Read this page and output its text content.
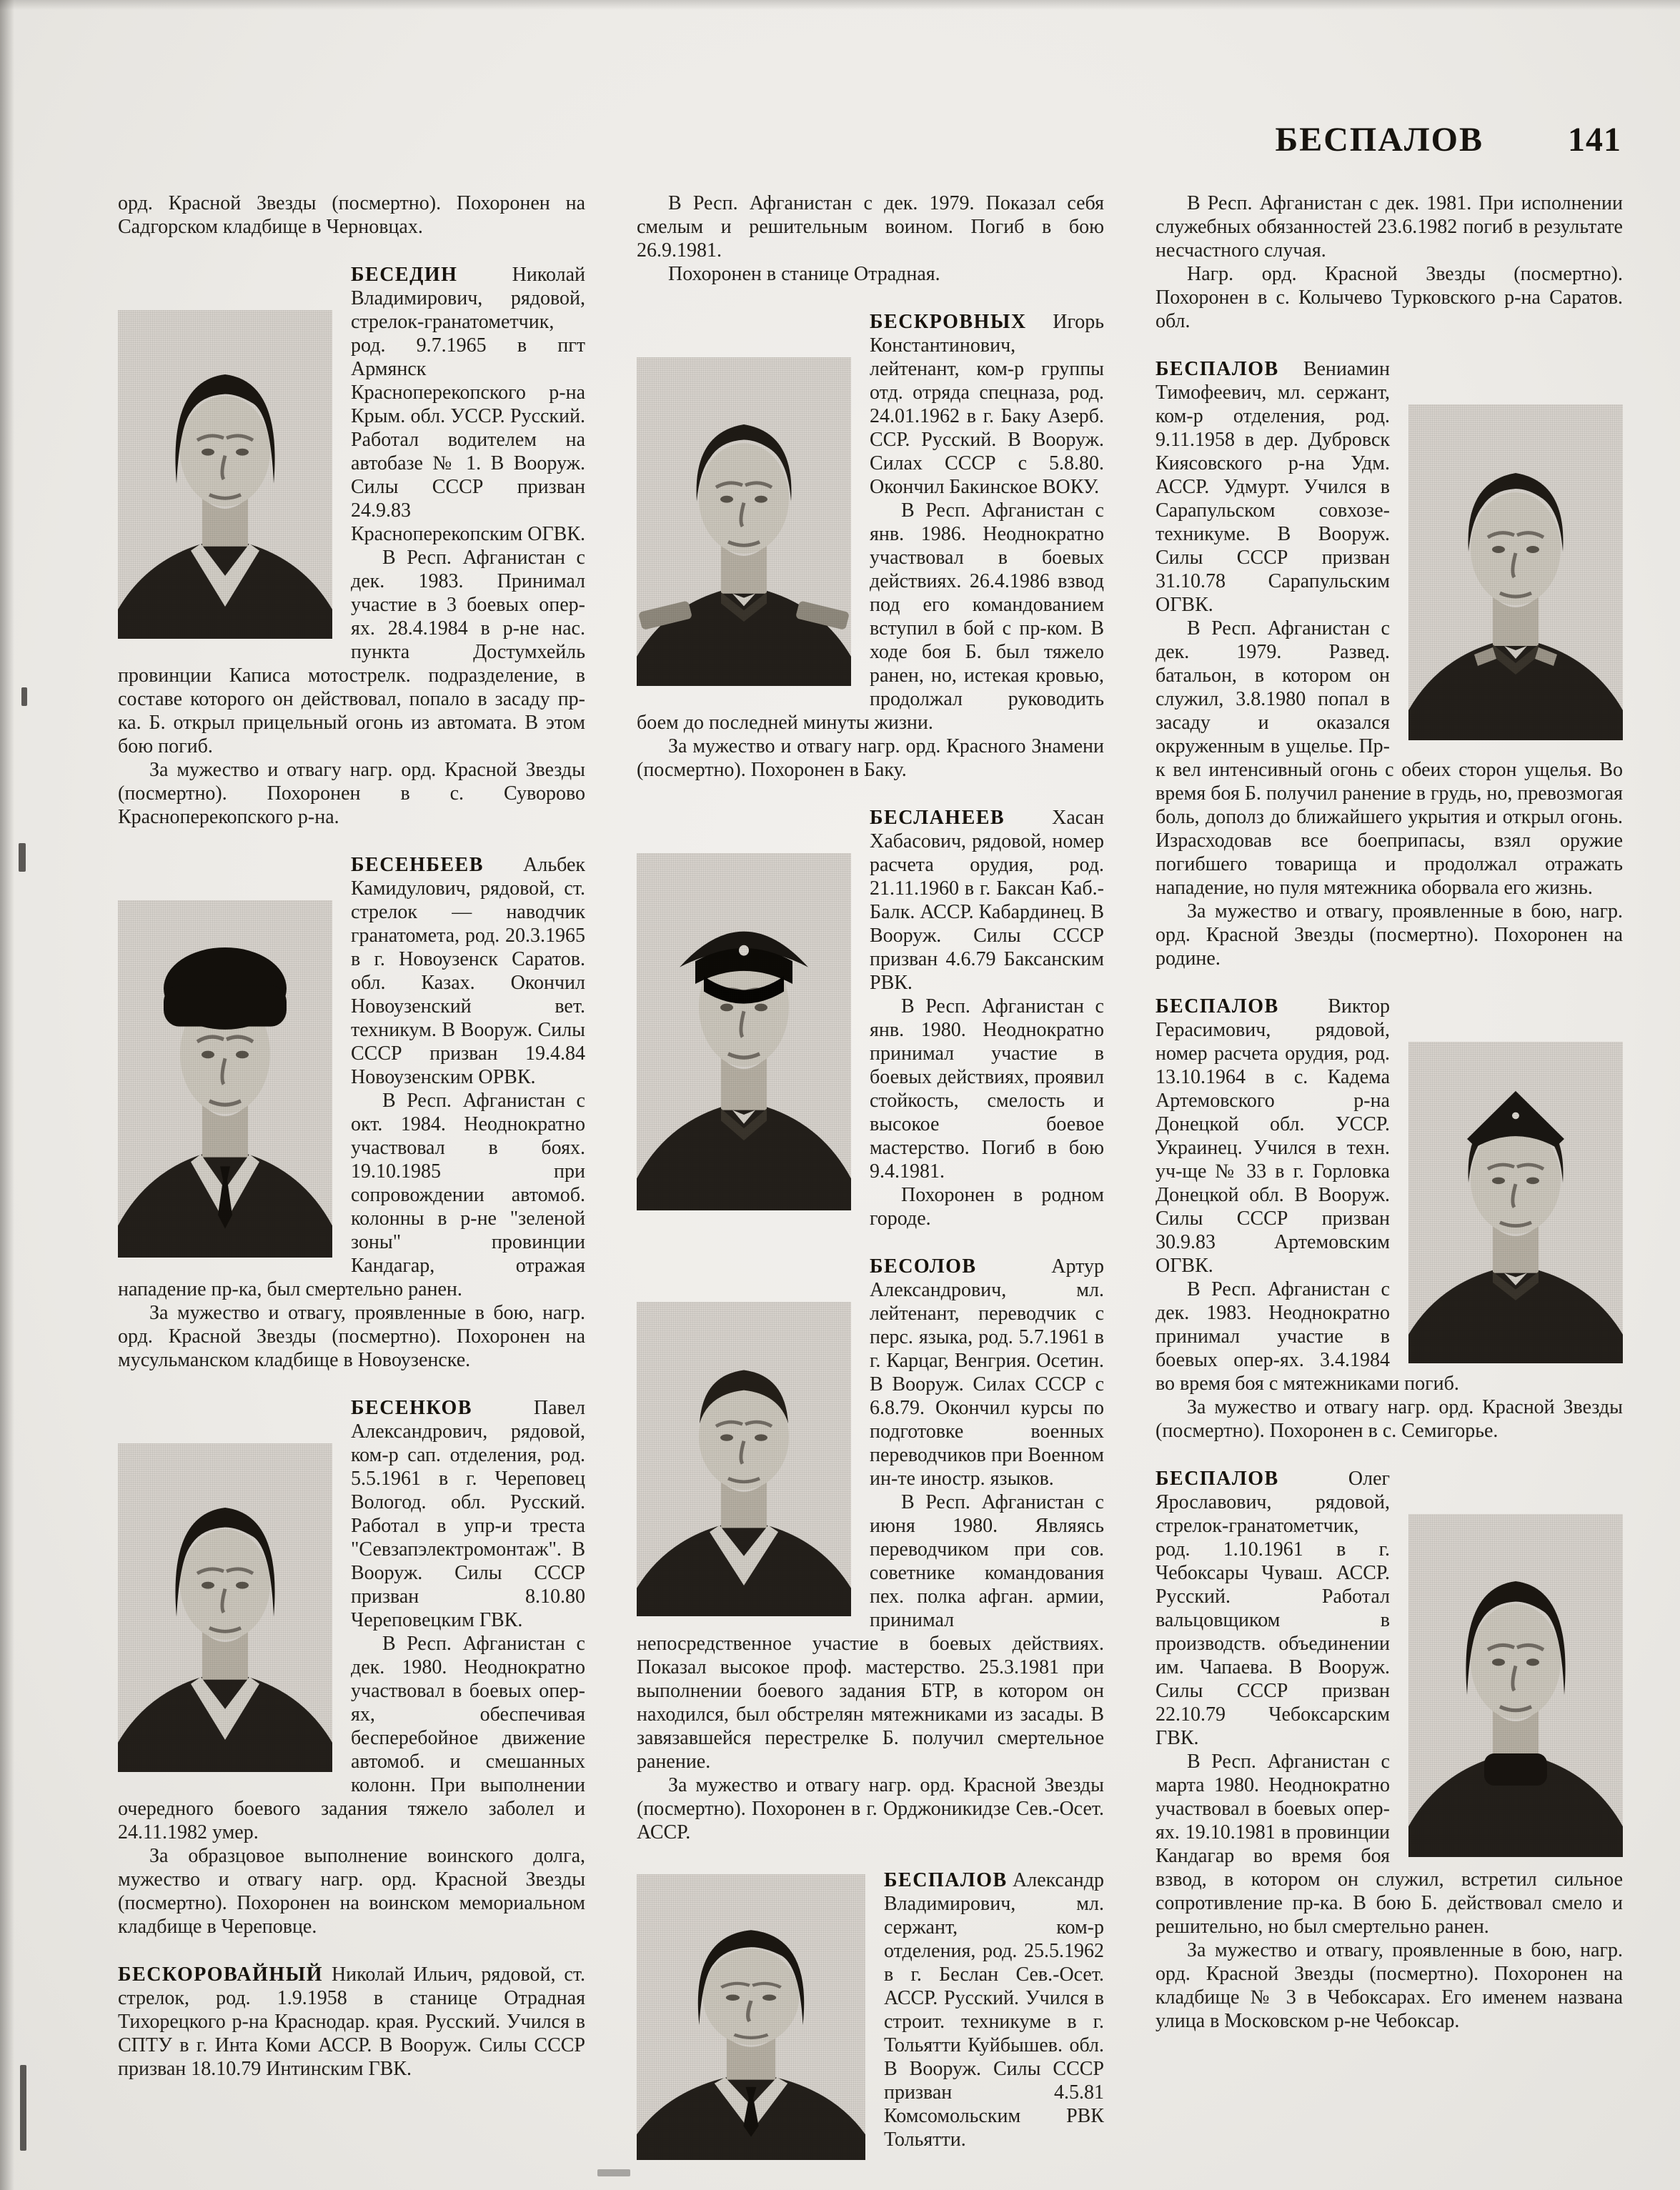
БЕСПАЛОВ 141

орд. Красной Звезды (посмертно). Похоронен на Садгорском кладбище в Черновцах.

БЕСЕДИН	Николай Владимирович, рядовой, стрелок-гранатометчик, род. 9.7.1965 в пгт Армянск Красноперекопского р-на Крым. обл. УССР. Русский. Работал водителем на автобазе № 1. В Вооруж. Силы СССР призван 24.9.83 Красноперекопским ОГВК.

В Респ. Афганистан с дек. 1983. Принимал участие в 3 боевых опер-ях. 28.4.1984 в р-не нас. пункта Достумхейль провинции Каписа мотострелк. подразделение, в составе которого он действовал, попало в засаду пр-ка. Б. открыл прицельный огонь из автомата. В этом бою погиб.

За мужество и отвагу нагр. орд. Красной Звезды (посмертно). Похоронен в с. Суворово Красноперекопского р-на.

БЕСЕНБЕЕВ Альбек Камидулович, рядовой, ст. стрелок — наводчик гранатомета, род. 20.3.1965 в г. Новоузенск Саратов. обл. Казах. Окончил Новоузенский вет. техникум. В Вооруж. Силы СССР призван 19.4.84 Новоузенским ОРВК.

В Респ. Афганистан с окт. 1984. Неоднократно участвовал в боях. 19.10.1985 при сопровождении автомоб. колонны в р-не "зеленой зоны" провинции Кандагар, отражая нападение пр-ка, был смертельно ранен.

За мужество и отвагу, проявленные в бою, нагр. орд. Красной Звезды (посмертно). Похоронен на мусульманском кладбище в Новоузенске.

БЕСЕНКОВ	Павел Александрович, рядовой, ком-р сап. отделения, род. 5.5.1961 в г. Череповец Вологод. обл. Русский. Работал в упр-и треста "Севзапэлектромонтаж". В Вооруж. Силы СССР призван 8.10.80 Череповецким ГВК.

В Респ. Афганистан с дек. 1980. Неоднократно участвовал в боевых опер-ях, обеспечивая бесперебойное движение автомоб. и смешанных колонн. При выполнении очередного боевого задания тяжело заболел и 24.11.1982 умер.

За образцовое выполнение воинского долга, мужество и отвагу нагр. орд. Красной Звезды (посмертно). Похоронен на воинском мемориальном кладбище в Череповце.

БЕСКОРОВАЙНЫЙ Николай Ильич, рядовой, ст. стрелок, род. 1.9.1958 в станице Отрадная Тихорецкого р-на Краснодар. края. Русский. Учился в СПТУ в г. Инта Коми АССР. В Вооруж. Силы СССР призван 18.10.79 Интинским ГВК.

В Респ. Афганистан с дек. 1979. Показал себя смелым и решительным воином. Погиб в бою 26.9.1981.

Похоронен в станице Отрадная.

БЕСКРОВНЫХ Игорь Константинович, лейтенант, ком-р группы отд. отряда спецназа, род. 24.01.1962 в г. Баку Азерб. ССР. Русский. В Вооруж. Силах СССР с 5.8.80. Окончил Бакинское ВОКУ.

В Респ. Афганистан с янв. 1986. Неоднократно участвовал в боевых действиях. 26.4.1986 взвод под его командованием вступил в бой с пр-ком. В ходе боя Б. был тяжело ранен, но, истекая кровью, продолжал руководить боем до последней минуты жизни.

За мужество и отвагу нагр. орд. Красного Знамени (посмертно). Похоронен в Баку.

БЕСЛАНЕЕВ Хасан Хабасович, рядовой, номер расчета орудия, род. 21.11.1960 в г. Баксан Каб.-Балк. АССР. Кабардинец. В Вооруж. Силы СССР призван 4.6.79 Баксанским РВК.

В Респ. Афганистан с янв. 1980. Неоднократно принимал участие в боевых действиях, проявил стойкость, смелость и высокое боевое мастерство. Погиб в бою 9.4.1981.

Похоронен в родном городе.

БЕСОЛОВ	Артур Александрович, мл. лейтенант, переводчик с перс. языка, род. 5.7.1961 в г. Карцаг, Венгрия. Осетин. В Вооруж. Силах СССР с 6.8.79. Окончил курсы по подготовке военных переводчиков при Военном ин-те иностр. языков.

В Респ. Афганистан с июня 1980. Являясь переводчиком при сов. советнике командования пех. полка афган. армии, принимал непосредственное участие в боевых действиях. Показал высокое проф. мастерство. 25.3.1981 при выполнении боевого задания БТР, в котором он находился, был обстрелян мятежниками из засады. В завязавшейся перестрелке Б. получил смертельное ранение.

За мужество и отвагу нагр. орд. Красной Звезды (посмертно). Похоронен в г. Орджоникидзе Сев.-Осет. АССР.

БЕСПАЛОВ Александр Владимирович, мл. сержант, ком-р отделения, род. 25.5.1962 в г. Беслан Сев.-Осет. АССР. Русский. Учился в строит. техникуме в г. Тольятти Куйбышев. обл. В Вооруж. Силы СССР призван 4.5.81 Комсомольским РВК Тольятти.

В Респ. Афганистан с дек. 1981. При исполнении служебных обязанностей 23.6.1982 погиб в результате несчастного случая.

Нагр. орд. Красной Звезды (посмертно). Похоронен в с. Колычево Турковского р-на Саратов. обл.

БЕСПАЛОВ Вениамин Тимофеевич, мл. сержант, ком-р отделения, род. 9.11.1958 в дер. Дубровск Киясовского р-на Удм. АССР. Удмурт. Учился в Сарапульском совхозе-техникуме. В Вооруж. Силы СССР призван 31.10.78 Сарапульским ОГВК.

В Респ. Афганистан с дек. 1979. Развед. батальон, в котором он служил, 3.8.1980 попал в засаду и оказался окруженным в ущелье. Пр-к вел интенсивный огонь с обеих сторон ущелья. Во время боя Б. получил ранение в грудь, но, превозмогая боль, дополз до ближайшего укрытия и открыл огонь. Израсходовав все боеприпасы, взял оружие погибшего товарища и продолжал отражать нападение, но пуля мятежника оборвала его жизнь.

За мужество и отвагу, проявленные в бою, нагр. орд. Красной Звезды (посмертно). Похоронен на родине.

БЕСПАЛОВ Виктор Герасимович, рядовой, номер расчета орудия, род. 13.10.1964 в с. Кадема Артемовского р-на Донецкой обл. УССР. Украинец. Учился в техн. уч-ще № 33 в г. Горловка Донецкой обл. В Вооруж. Силы СССР призван 30.9.83 Артемовским ОГВК.

В Респ. Афганистан с дек. 1983. Неоднократно принимал участие в боевых опер-ях. 3.4.1984 во время боя с мятежниками погиб.

За мужество и отвагу нагр. орд. Красной Звезды (посмертно). Похоронен в с. Семигорье.

БЕСПАЛОВ	Олег Ярославович, рядовой, стрелок-гранатометчик, род. 1.10.1961 в г. Чебоксары Чуваш. АССР. Русский. Работал вальцовщиком в производств. объединении им. Чапаева. В Вооруж. Силы СССР призван 22.10.79 Чебоксарским ГВК.

В Респ. Афганистан с марта 1980. Неоднократно участвовал в боевых опер-ях. 19.10.1981 в провинции Кандагар во время боя взвод, в котором он служил, встретил сильное сопротивление пр-ка. В бою Б. действовал смело и решительно, но был смертельно ранен.

За мужество и отвагу, проявленные в бою, нагр. орд. Красной Звезды (посмертно). Похоронен на кладбище № 3 в Чебоксарах. Его именем названа улица в Московском р-не Чебоксар.
